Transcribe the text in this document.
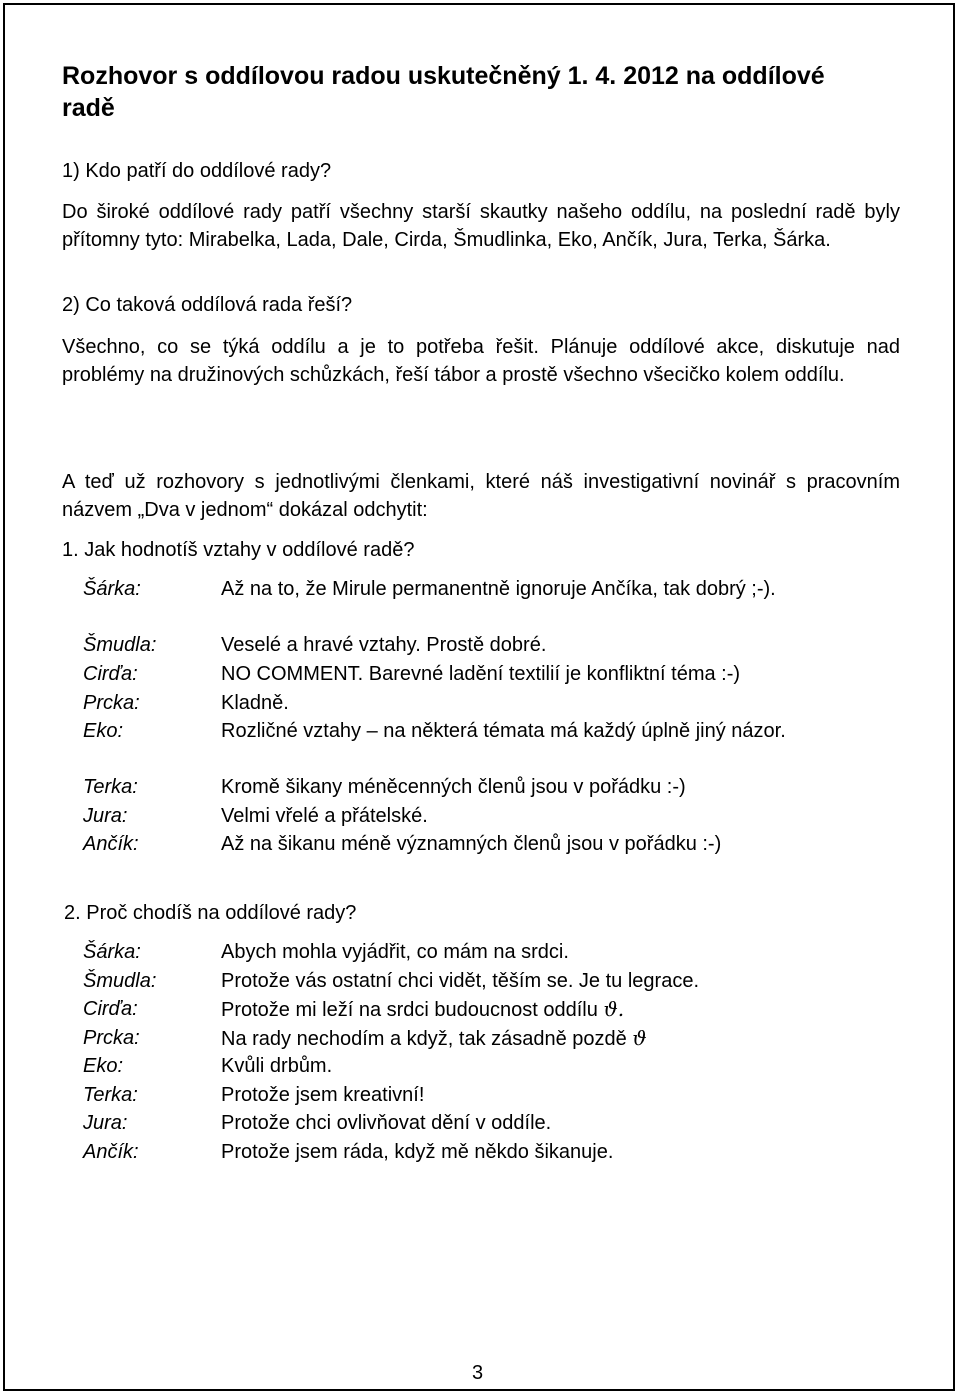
Rozhovor s oddílovou radou uskutečněný 1. 4. 2012 na oddílové radě

1) Kdo patří do oddílové rady?

Do široké oddílové rady patří všechny starší skautky našeho oddílu, na poslední radě byly přítomny tyto: Mirabelka, Lada, Dale, Cirda, Šmudlinka, Eko, Ančík, Jura, Terka, Šárka.

2) Co taková oddílová rada řeší?

Všechno, co se týká oddílu a je to potřeba řešit. Plánuje oddílové akce, diskutuje nad problémy na družinových schůzkách, řeší tábor a prostě všechno všecičko kolem oddílu.

A teď už rozhovory s jednotlivými členkami, které náš investigativní novinář s pracovním názvem „Dva v jednom“ dokázal odchytit:

1. Jak hodnotíš vztahy v oddílové radě?

Šárka:	Až na to, že Mirule permanentně ignoruje Ančíka, tak dobrý ;-).
Šmudla:	Veselé a hravé vztahy. Prostě dobré.
Cirďa:	NO COMMENT. Barevné ladění textilií je konfliktní téma :-)
Prcka:	Kladně.
Eko:	Rozličné vztahy – na některá témata má každý úplně jiný názor.
Terka:	Kromě šikany méněcenných členů jsou v pořádku :-)
Jura:	Velmi vřelé a přátelské.
Ančík:	Až na šikanu méně významných členů jsou v pořádku :-)

2. Proč chodíš na oddílové rady?

Šárka:	Abych mohla vyjádřit, co mám na srdci.
Šmudla:	Protože vás ostatní chci vidět, těším se. Je tu legrace.
Cirďa:	Protože mi leží na srdci budoucnost oddílu ϑ.
Prcka:	Na rady nechodím a když, tak zásadně pozdě ϑ
Eko:	Kvůli drbům.
Terka:	Protože jsem kreativní!
Jura:	Protože chci ovlivňovat dění v oddíle.
Ančík:	Protože jsem ráda, když mě někdo šikanuje.
3
